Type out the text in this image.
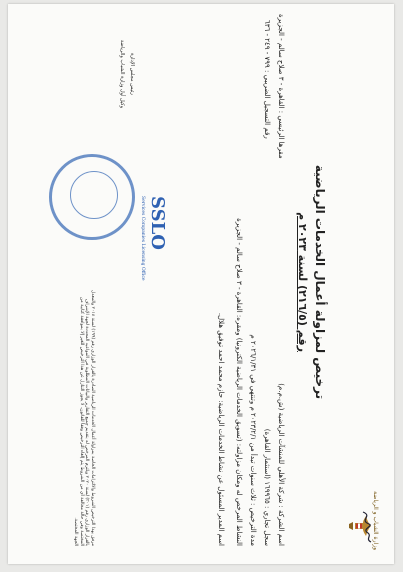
وزارة الشباب و الرياضة
ترخيص لمزاولة أعمال الخدمات الرياضية
رقم (٢١٦/٥) لسنة ٢٠٢٣ م
اسم الشركة : شركة الأهلي للمنشآت الرياضية (ش.م.م)
مقرها الرئيسي : القاهرة - ٣ صلاح سالم - الجزيرة
سجل تجاري : ١٦٩٩٦٥ (استثمار القاهرة)
رقم التسجيل الضريبي : ٧٩٩ - ٢٤٩ - ٦٣٦
مدة الترخيص : ثلاث سنوات تبدأ من ٢٠٢٣/٢/١ م وتنتهي في ٢٠٢٦/١/٣١ م
النشاط المرخص له ومكان مزاولته: (تسويق الخدمات الرياضية الكترونيا) ومقره: القاهرة - ٣ صلاح سالم - الجزيرة
اسم المدير المسئول عن نشاط الخدمات الرياضية: حازم محمد احمد توفيق هلال.
SSLO
Services Companies Licensing Office
رئيس مجلس الإدارة
وكيل أول وزارة الشباب والرياضة
مرفق بهذا الترخيص الشروط والالتزامات الخاصة بمزاولة أعمال الخدمات الرياضية الصادرة بالقرار الوزاري رقم (١٩٩) لسنة ٢٠١٨ والمعدل بالقرار الوزاري رقم (٣٠١) لسنة ٢٠٢٠ ويلتزم المرخص له بتقديم جميع التقارير والبيانات المطلوبة في المواعيد المحددة لجهة الإشراف المختصة وفي حالة مخالفة أي من الشروط يتم إلغاء الترخيص وفقاً للقانون. لا يجوز التنازل عن هذا الترخيص للغير إلا بموافقة كتابية من الجهة المختصة.
